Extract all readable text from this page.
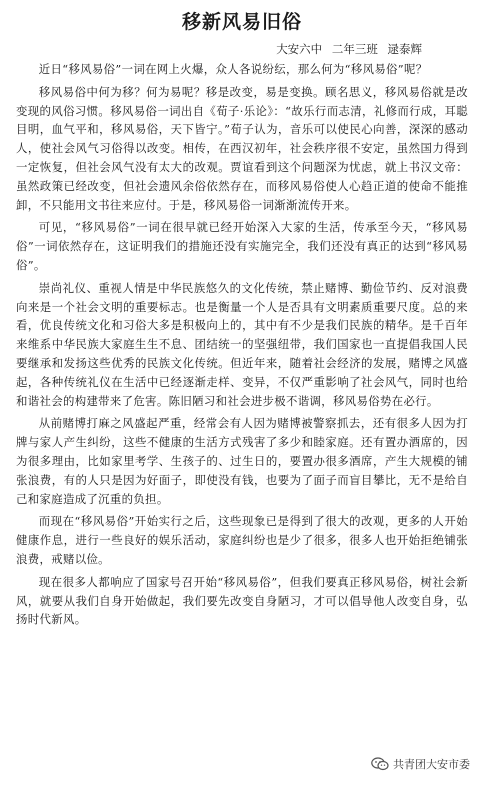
移新风易旧俗
大安六中 二年三班 逯泰辉

近日“移风易俗”一词在网上火爆，众人各说纷纭，那么何为“移风易俗”呢？

移风易俗中何为移？何为易呢？移是改变，易是变换。顾名思义，移风易俗就是改变现的风俗习惯。移风易俗一词出自《荀子·乐论》：“故乐行而志清，礼修而行成，耳聪目明，血气平和，移风易俗，天下皆宁。”荀子认为，音乐可以使民心向善，深深的感动人，使社会风气习俗得以改变。相传，在西汉初年，社会秩序很不安定，虽然国力得到一定恢复，但社会风气没有太大的改观。贾谊看到这个问题深为忧虑，就上书汉文帝：虽然政策已经改变，但社会遗风余俗依然存在，而移风易俗使人心趋正道的使命不能推卸，不只能用文书往来应付。于是，移风易俗一词渐渐流传开来。

可见，“移风易俗”一词在很早就已经开始深入大家的生活，传承至今天，“移风易俗”一词依然存在，这证明我们的措施还没有实施完全，我们还没有真正的达到“移风易俗”。

崇尚礼仪、重视人情是中华民族悠久的文化传统，禁止赌博、勤俭节约、反对浪费向来是一个社会文明的重要标志。也是衡量一个人是否具有文明素质重要尺度。总的来看，优良传统文化和习俗大多是积极向上的，其中有不少是我们民族的精华。是千百年来维系中华民族大家庭生生不息、团结统一的坚强纽带，我们国家也一直提倡我国人民要继承和发扬这些优秀的民族文化传统。但近年来，随着社会经济的发展，赌博之风盛起，各种传统礼仪在生活中已经逐渐走样、变异，不仅严重影响了社会风气，同时也给和谐社会的构建带来了危害。陈旧陋习和社会进步极不谐调，移风易俗势在必行。

从前赌博打麻之风盛起严重，经常会有人因为赌博被警察抓去，还有很多人因为打牌与家人产生纠纷，这些不健康的生活方式残害了多少和睦家庭。还有置办酒席的，因为很多理由，比如家里考学、生孩子的、过生日的，要置办很多酒席，产生大规模的铺张浪费，有的人只是因为好面子，即使没有钱，也要为了面子而盲目攀比，无不是给自己和家庭造成了沉重的负担。

而现在“移风易俗”开始实行之后，这些现象已是得到了很大的改观，更多的人开始健康作息，进行一些良好的娱乐活动，家庭纠纷也是少了很多，很多人也开始拒绝铺张浪费，戒赌以俭。

现在很多人都响应了国家号召开始“移风易俗”，但我们要真正移风易俗，树社会新风，就要从我们自身开始做起，我们要先改变自身陋习，才可以倡导他人改变自身，弘扬时代新风。

共青团大安市委
